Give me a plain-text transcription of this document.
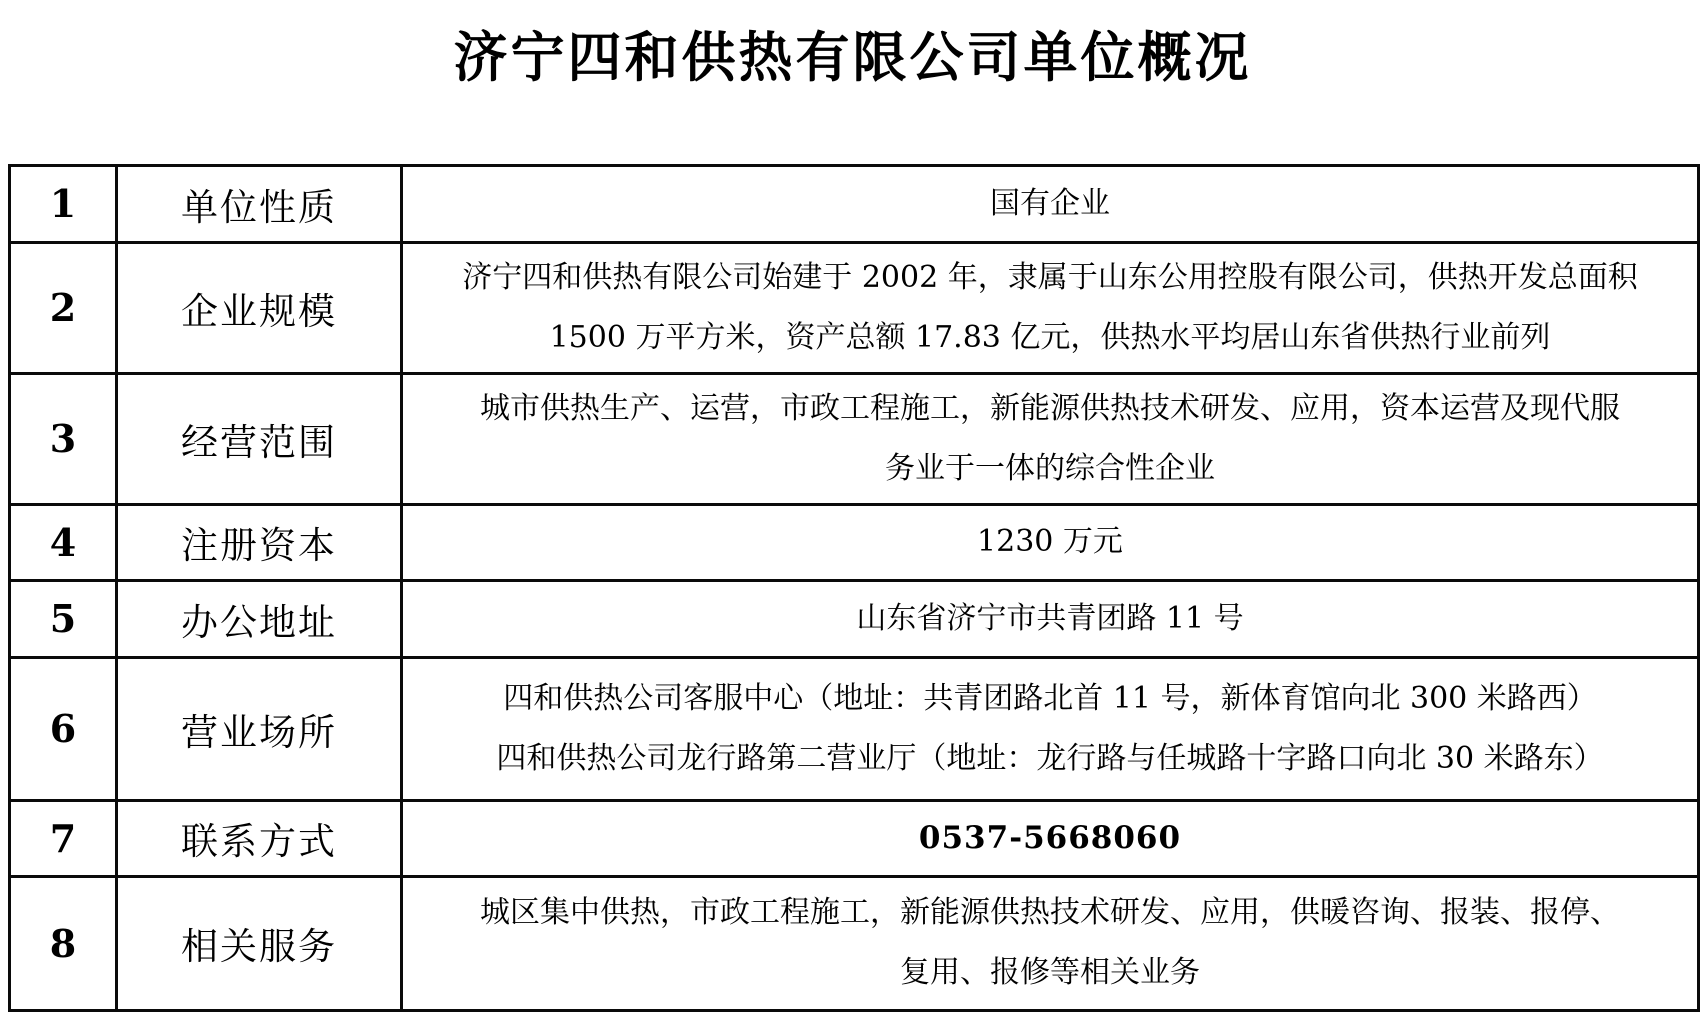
济宁四和供热有限公司单位概况
1	单位性质	国有企业

2	企业规模	济宁四和供热有限公司始建于 2002 年，隶属于山东公用控股有限公司，供热开发总面积
1500 万平方米，资产总额 17.83 亿元，供热水平均居山东省供热行业前列

3	经营范围	城市供热生产、运营，市政工程施工，新能源供热技术研发、应用，资本运营及现代服
务业于一体的综合性企业

4	注册资本	1230 万元

5	办公地址	山东省济宁市共青团路 11 号

6	营业场所	四和供热公司客服中心（地址：共青团路北首 11 号，新体育馆向北 300 米路西）
四和供热公司龙行路第二营业厅（地址：龙行路与任城路十字路口向北 30 米路东）

7	联系方式	0537-5668060

8	相关服务	城区集中供热，市政工程施工，新能源供热技术研发、应用，供暖咨询、报装、报停、
复用、报修等相关业务
